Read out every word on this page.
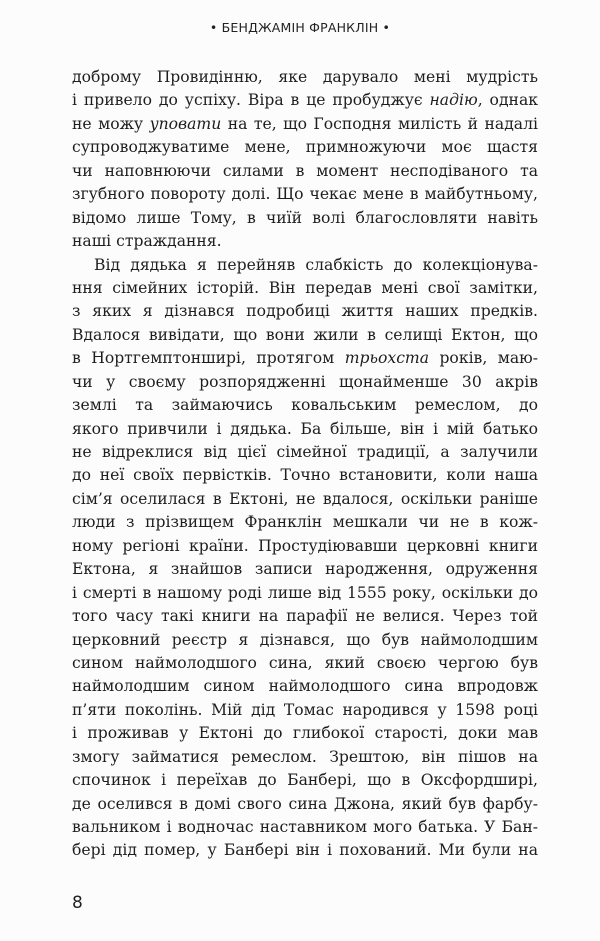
• БЕНДЖАМІН ФРАНКЛІН •
доброму Провидінню, яке дарувало мені мудрість
і привело до успіху. Віра в це пробуджує надію, однак
не можу уповати на те, що Господня милість й надалі
супроводжуватиме мене, примножуючи моє щастя
чи наповнюючи силами в момент несподіваного та
згубного повороту долі. Що чекає мене в майбутньому,
відомо лише Тому, в чиїй волі благословляти навіть
наші страждання.
Від дядька я перейняв слабкість до колекціонува-
ння сімейних історій. Він передав мені свої замітки,
з яких я дізнався подробиці життя наших предків.
Вдалося вивідати, що вони жили в селищі Ектон, що
в Нортгемптонширі, протягом трьохста років, маю-
чи у своєму розпорядженні щонайменше 30 акрів
землі та займаючись ковальським ремеслом, до
якого привчили і дядька. Ба більше, він і мій батько
не відреклися від цієї сімейної традиції, а залучили
до неї своїх первістків. Точно встановити, коли наша
сім’я оселилася в Ектоні, не вдалося, оскільки раніше
люди з прізвищем Франклін мешкали чи не в кож-
ному регіоні країни. Простудіювавши церковні книги
Ектона, я знайшов записи народження, одруження
і смерті в нашому роді лише від 1555 року, оскільки до
того часу такі книги на парафії не велися. Через той
церковний реєстр я дізнався, що був наймолодшим
сином наймолодшого сина, який своєю чергою був
наймолодшим сином наймолодшого сина впродовж
п’яти поколінь. Мій дід Томас народився у 1598 році
і проживав у Ектоні до глибокої старості, доки мав
змогу займатися ремеслом. Зрештою, він пішов на
спочинок і переїхав до Банбері, що в Оксфордширі,
де оселився в домі свого сина Джона, який був фарбу-
вальником і водночас наставником мого батька. У Бан-
бері дід помер, у Банбері він і похований. Ми були на
8
